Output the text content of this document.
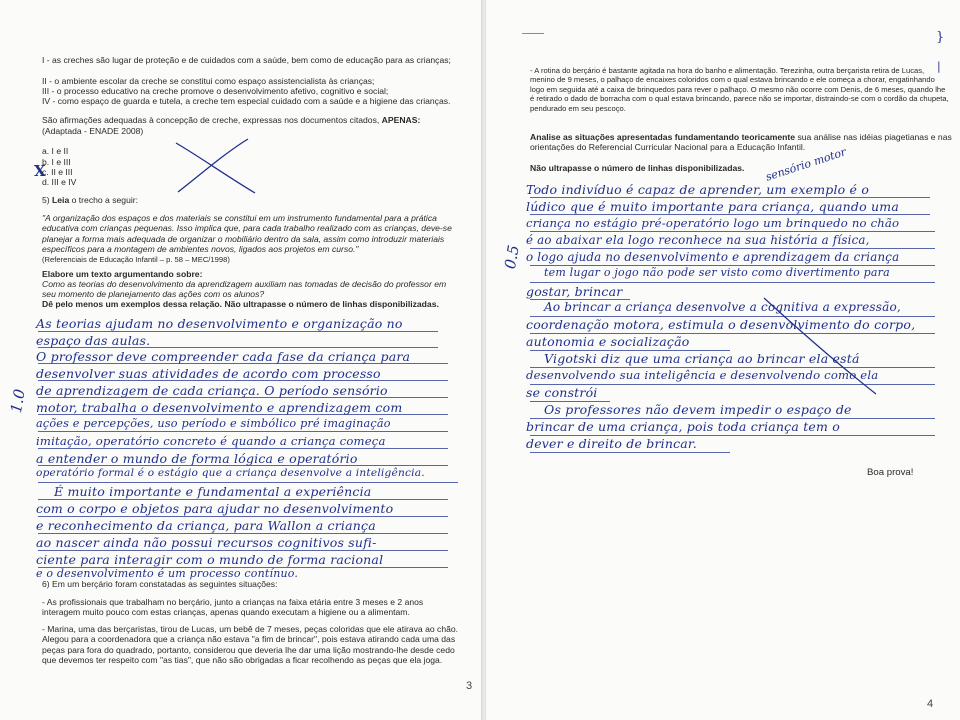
I - as creches são lugar de proteção e de cuidados com a saúde, bem como de educação para as crianças;
II - o ambiente escolar da creche se constitui como espaço assistencialista às crianças;
III - o processo educativo na creche promove o desenvolvimento afetivo, cognitivo e social;
IV - como espaço de guarda e tutela, a creche tem especial cuidado com a saúde e a higiene das crianças.
São afirmações adequadas à concepção de creche, expressas nos documentos citados, APENAS:
(Adaptada - ENADE 2008)
a. I e II
b. I e III
c. II e III
d. III e IV
X
5) Leia o trecho a seguir:
"A organização dos espaços e dos materiais se constitui em um instrumento fundamental para a prática educativa com crianças pequenas. Isso implica que, para cada trabalho realizado com as crianças, deve-se planejar a forma mais adequada de organizar o mobiliário dentro da sala, assim como introduzir materiais específicos para a montagem de ambientes novos, ligados aos projetos em curso."
(Referenciais de Educação Infantil – p. 58 – MEC/1998)
Elabore um texto argumentando sobre:
Como as teorias do desenvolvimento da aprendizagem auxiliam nas tomadas de decisão do professor em seu momento de planejamento das ações com os alunos?
Dê pelo menos um exemplos dessa relação. Não ultrapasse o número de linhas disponibilizadas.
As teorias ajudam no desenvolvimento e organização no
espaço das aulas.
O professor deve compreender cada fase da criança para
desenvolver suas atividades de acordo com processo
de aprendizagem de cada criança. O período sensório
motor, trabalha o desenvolvimento e aprendizagem com
ações e percepções, uso período e simbólico pré imaginação
imitação, operatório concreto é quando a criança começa
a entender o mundo de forma lógica e operatório
operatório formal é o estágio que a criança desenvolve a inteligência.
É muito importante e fundamental a experiência
com o corpo e objetos para ajudar no desenvolvimento
e reconhecimento da criança, para Wallon a criança
ao nascer ainda não possui recursos cognitivos sufi-
ciente para interagir com o mundo de forma racional
e o desenvolvimento é um processo contínuo.
1.0
6) Em um berçário foram constatadas as seguintes situações:
- As profissionais que trabalham no berçário, junto a crianças na faixa etária entre 3 meses e 2 anos interagem muito pouco com estas crianças, apenas quando executam a higiene ou a alimentam.
- Marina, uma das berçaristas, tirou de Lucas, um bebê de 7 meses, peças coloridas que ele atirava ao chão. Alegou para a coordenadora que a criança não estava "a fim de brincar", pois estava atirando cada uma das peças para fora do quadrado, portanto, considerou que deveria lhe dar uma lição mostrando-lhe desde cedo que devemos ter respeito com "as tias", que não são obrigadas a ficar recolhendo as peças que ela joga.
3
- A rotina do berçário é bastante agitada na hora do banho e alimentação. Terezinha, outra berçarista retira de Lucas, menino de 9 meses, o palhaço de encaixes coloridos com o qual estava brincando e ele começa a chorar, engatinhando logo em seguida até a caixa de brinquedos para rever o palhaço. O mesmo não ocorre com Denis, de 6 meses, quando lhe é retirado o dado de borracha com o qual estava brincando, parece não se importar, distraindo-se com o cordão da chupeta, pendurado em seu pescoço.
Analise as situações apresentadas fundamentando teoricamente sua análise nas idéias piagetianas e nas orientações do Referencial Curricular Nacional para a Educação Infantil.
Não ultrapasse o número de linhas disponibilizadas. sensório motor
Todo indivíduo é capaz de aprender, um exemplo é o
lúdico que é muito importante para criança, quando uma
criança no estágio pré-operatório logo um brinquedo no chão
é ao abaixar ela logo reconhece na sua história a física,
o logo ajuda no desenvolvimento e aprendizagem da criança
tem lugar o jogo não pode ser visto como divertimento para
gostar, brincar
Ao brincar a criança desenvolve a cognitiva a expressão,
coordenação motora, estimula o desenvolvimento do corpo,
autonomia e socialização
Vigotski diz que uma criança ao brincar ela está
desenvolvendo sua inteligência e desenvolvendo como ela
se constrói
Os professores não devem impedir o espaço de
brincar de uma criança, pois toda criança tem o
dever e direito de brincar.
0.5
Boa prova!
}
|
4
